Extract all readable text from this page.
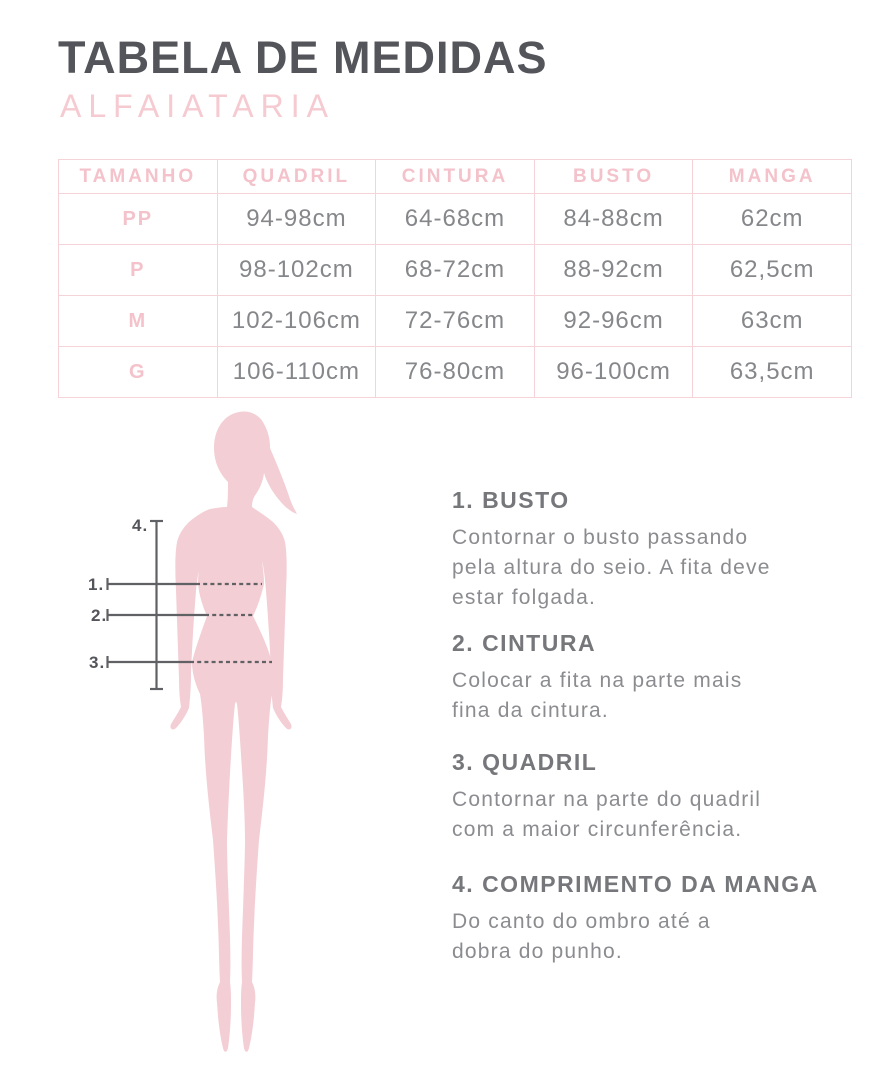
TABELA DE MEDIDAS
ALFAIATARIA
TAMANHO	QUADRIL	CINTURA	BUSTO	MANGA
PP	94-98cm	64-68cm	84-88cm	62cm
P	98-102cm	68-72cm	88-92cm	62,5cm
M	102-106cm	72-76cm	92-96cm	63cm
G	106-110cm	76-80cm	96-100cm	63,5cm
1.
2.
3.
4.
1. BUSTO
Contornar o busto passando
pela altura do seio. A fita deve
estar folgada.
2. CINTURA
Colocar a fita na parte mais
fina da cintura.
3. QUADRIL
Contornar na parte do quadril
com a maior circunferência.
4. COMPRIMENTO DA MANGA
Do canto do ombro até a
dobra do punho.
